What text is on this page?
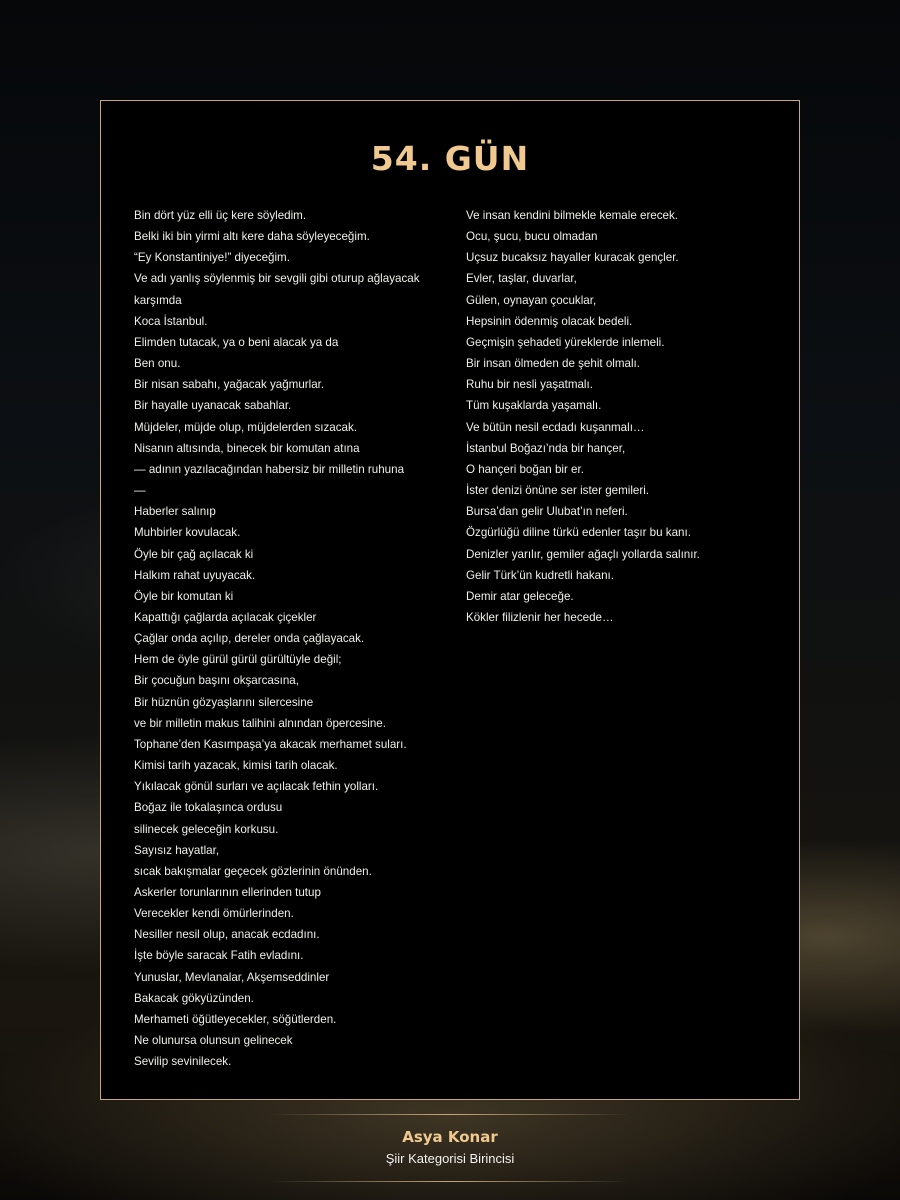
54. GÜN
Bin dört yüz elli üç kere söyledim.
Belki iki bin yirmi altı kere daha söyleyeceğim.
“Ey Konstantiniye!” diyeceğim.
Ve adı yanlış söylenmiş bir sevgili gibi oturup ağlayacak
karşımda
Koca İstanbul.
Elimden tutacak, ya o beni alacak ya da
Ben onu.
Bir nisan sabahı, yağacak yağmurlar.
Bir hayalle uyanacak sabahlar.
Müjdeler, müjde olup, müjdelerden sızacak.
Nisanın altısında, binecek bir komutan atına
— adının yazılacağından habersiz bir milletin ruhuna
—
Haberler salınıp
Muhbirler kovulacak.
Öyle bir çağ açılacak ki
Halkım rahat uyuyacak.
Öyle bir komutan ki
Kapattığı çağlarda açılacak çiçekler
Çağlar onda açılıp, dereler onda çağlayacak.
Hem de öyle gürül gürül gürültüyle değil;
Bir çocuğun başını okşarcasına,
Bir hüznün gözyaşlarını silercesine
ve bir milletin makus talihini alnından öpercesine.
Tophane’den Kasımpaşa’ya akacak merhamet suları.
Kimisi tarih yazacak, kimisi tarih olacak.
Yıkılacak gönül surları ve açılacak fethin yolları.
Boğaz ile tokalaşınca ordusu
silinecek geleceğin korkusu.
Sayısız hayatlar,
sıcak bakışmalar geçecek gözlerinin önünden.
Askerler torunlarının ellerinden tutup
Verecekler kendi ömürlerinden.
Nesiller nesil olup, anacak ecdadını.
İşte böyle saracak Fatih evladını.
Yunuslar, Mevlanalar, Akşemseddinler
Bakacak gökyüzünden.
Merhameti öğütleyecekler, söğütlerden.
Ne olunursa olunsun gelinecek
Sevilip sevinilecek.
Ve insan kendini bilmekle kemale erecek.
Ocu, şucu, bucu olmadan
Uçsuz bucaksız hayaller kuracak gençler.
Evler, taşlar, duvarlar,
Gülen, oynayan çocuklar,
Hepsinin ödenmiş olacak bedeli.
Geçmişin şehadeti yüreklerde inlemeli.
Bir insan ölmeden de şehit olmalı.
Ruhu bir nesli yaşatmalı.
Tüm kuşaklarda yaşamalı.
Ve bütün nesil ecdadı kuşanmalı…
İstanbul Boğazı’nda bir hançer,
O hançeri boğan bir er.
İster denizi önüne ser ister gemileri.
Bursa’dan gelir Ulubat’ın neferi.
Özgürlüğü diline türkü edenler taşır bu kanı.
Denizler yarılır, gemiler ağaçlı yollarda salınır.
Gelir Türk’ün kudretli hakanı.
Demir atar geleceğe.
Kökler filizlenir her hecede…
Asya Konar
Şiir Kategorisi Birincisi
